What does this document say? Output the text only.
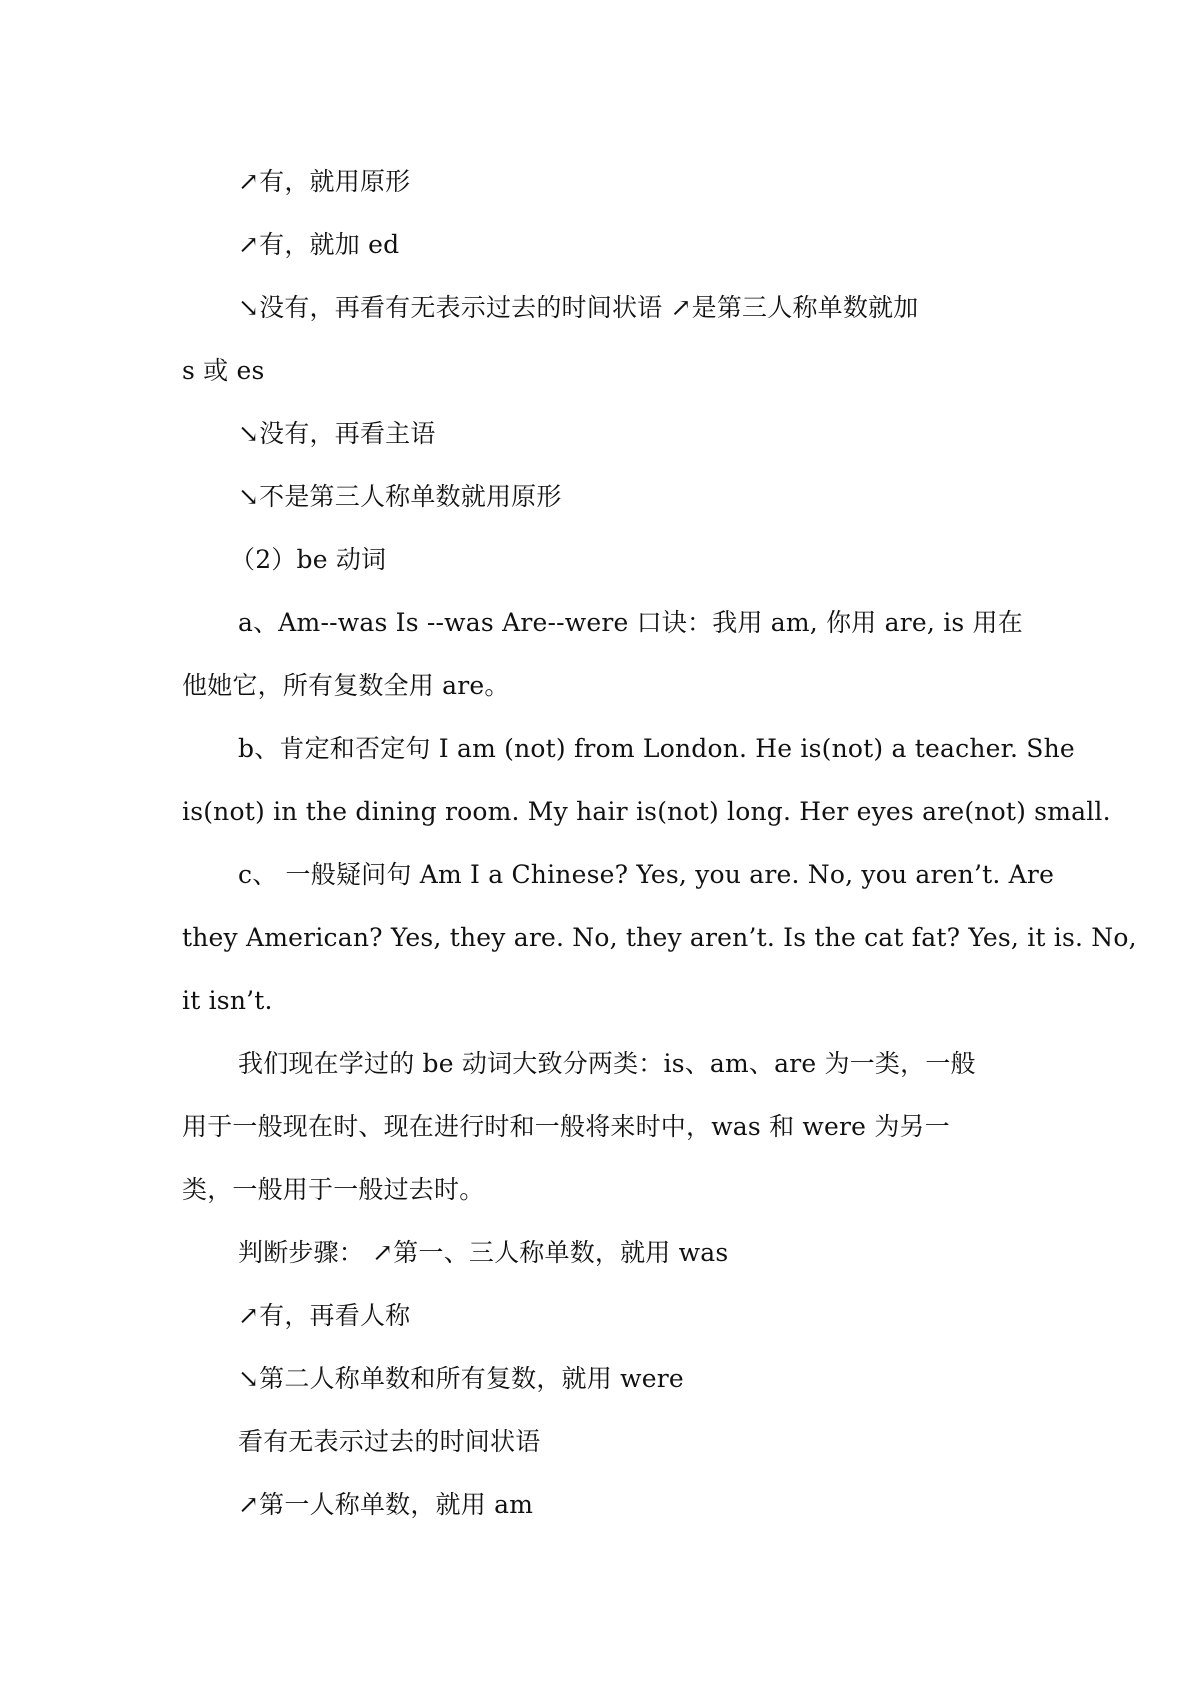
↗有，就用原形
↗有，就加 ed
↘没有，再看有无表示过去的时间状语 ↗是第三人称单数就加
s 或 es
↘没有，再看主语
↘不是第三人称单数就用原形
（2）be 动词
a、Am--was Is --was Are--were 口诀：我用 am, 你用 are, is 用在
他她它，所有复数全用 are。
b、肯定和否定句 I am (not) from London. He is(not) a teacher. She
is(not) in the dining room. My hair is(not) long. Her eyes are(not) small.
c、 一般疑问句 Am I a Chinese? Yes, you are. No, you aren’t. Are
they American? Yes, they are. No, they aren’t. Is the cat fat? Yes, it is. No,
it isn’t.
我们现在学过的 be 动词大致分两类：is、am、are 为一类，一般
用于一般现在时、现在进行时和一般将来时中，was 和 were 为另一
类，一般用于一般过去时。
判断步骤： ↗第一、三人称单数，就用 was
↗有，再看人称
↘第二人称单数和所有复数，就用 were
看有无表示过去的时间状语
↗第一人称单数，就用 am
